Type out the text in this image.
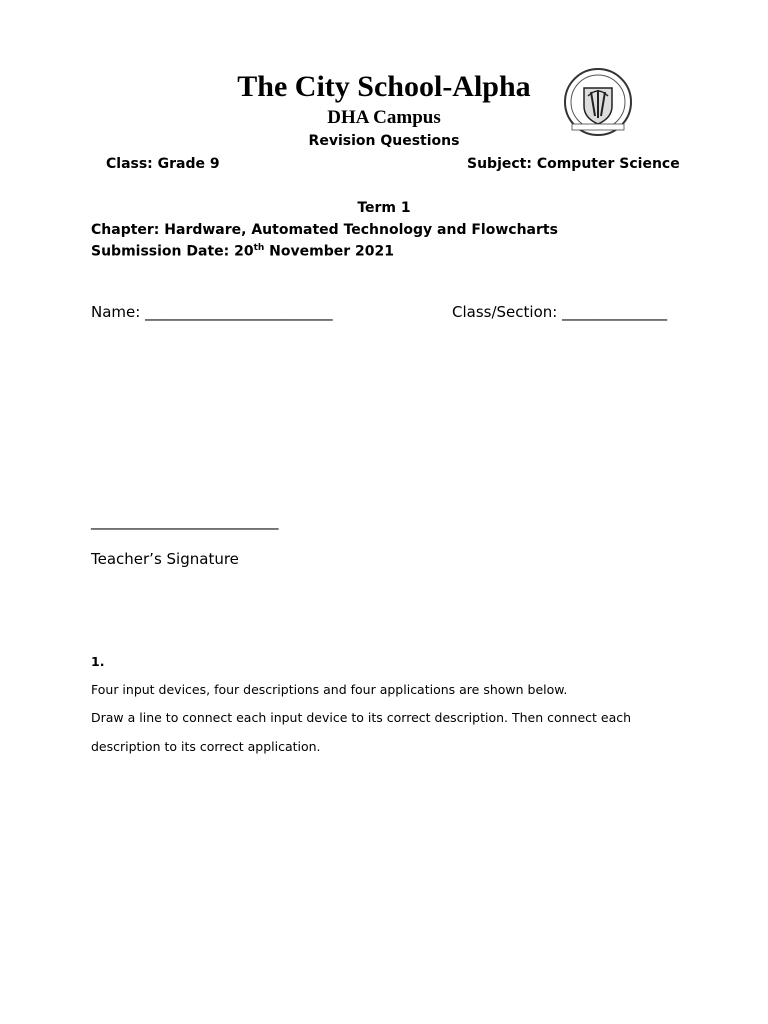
The City School-Alpha
DHA Campus
Revision Questions
Class: Grade 9	Subject: Computer Science
Term 1
Chapter: Hardware, Automated Technology and Flowcharts
Submission Date: 20th November 2021
Name: _________________________	Class/Section: ______________
_________________________
Teacher’s Signature
1.
Four input devices, four descriptions and four applications are shown below.
Draw a line to connect each input device to its correct description. Then connect each
description to its correct application.
